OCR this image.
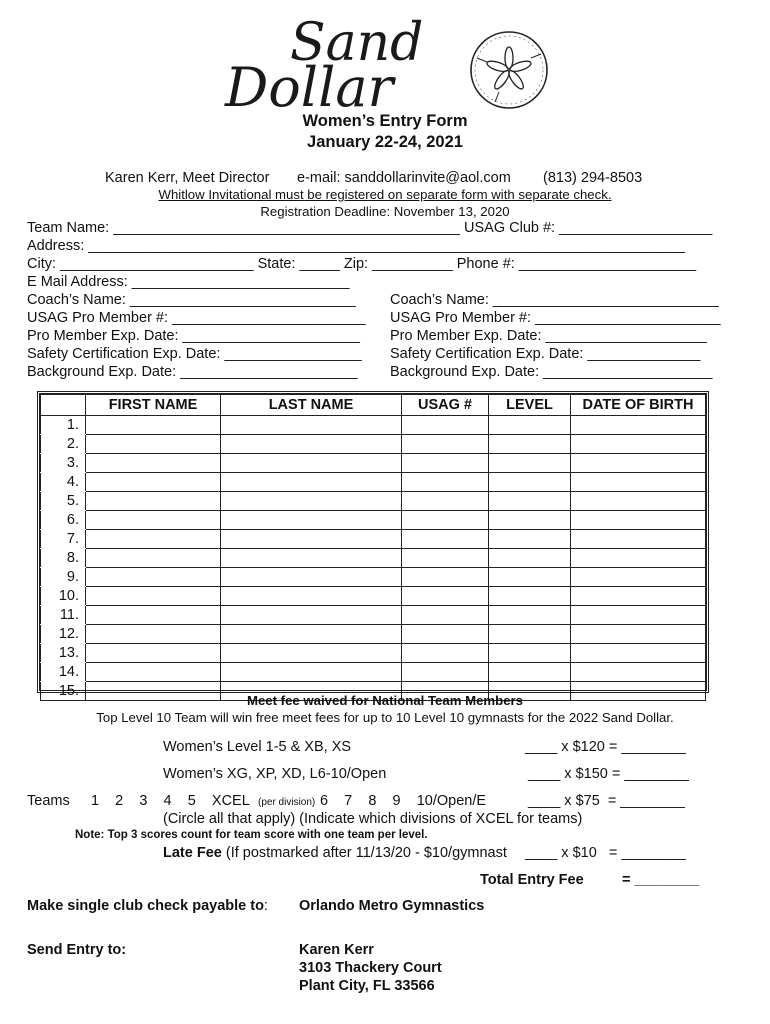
Sand
Dollar
Women’s Entry Form
January 22-24, 2021
Karen Kerr, Meet Director e-mail: sanddollarinvite@aol.com (813) 294-8503
Whitlow Invitational must be registered on separate form with separate check.
Registration Deadline: November 13, 2020
Team Name: ___________________________________________ USAG Club #: ___________________
Address: __________________________________________________________________________
City: ________________________ State: _____ Zip: __________ Phone #: ______________________
E Mail Address: ___________________________
Coach’s Name: ____________________________
USAG Pro Member #: ________________________
Pro Member Exp. Date: ______________________
Safety Certification Exp. Date: _________________
Background Exp. Date: ______________________
Coach’s Name: ____________________________
USAG Pro Member #: _______________________
Pro Member Exp. Date: ____________________
Safety Certification Exp. Date: ______________
Background Exp. Date: _____________________
	FIRST NAME	LAST NAME	USAG #	LEVEL	DATE OF BIRTH
1.					
2.					
3.					
4.					
5.					
6.					
7.					
8.					
9.					
10.					
11.					
12.					
13.					
14.					
15.					
Meet fee waived for National Team Members
Top Level 10 Team will win free meet fees for up to 10 Level 10 gymnasts for the 2022 Sand Dollar.
Women’s Level 1-5 & XB, XS	____ x $120 = ________
Women’s XG, XP, XD, L6-10/Open	____ x $150 = ________
Teams 1    2    3    4    5    XCEL (per division) 6    7    8    9    10/Open/E	____ x $75  = ________
(Circle all that apply) (Indicate which divisions of XCEL for teams)
Note: Top 3 scores count for team score with one team per level.
Late Fee (If postmarked after 11/13/20 - $10/gymnast ____ x $10   = ________
Total Entry Fee	= ________
Make single club check payable to: Orlando Metro Gymnastics
Send Entry to:	Karen Kerr
3103 Thackery Court
Plant City, FL 33566
